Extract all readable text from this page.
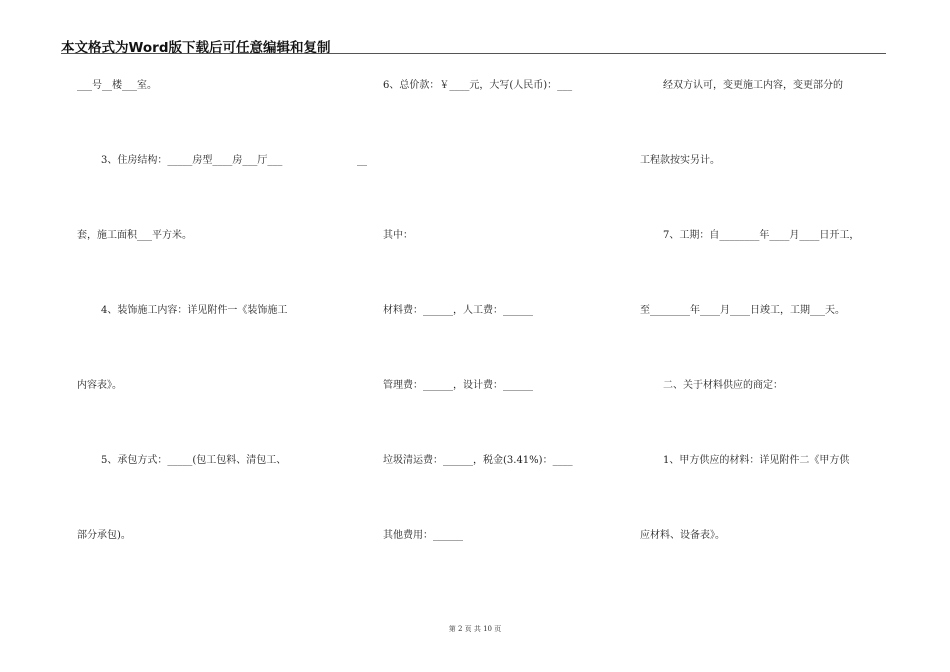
本文格式为Word版下载后可任意编辑和复制
___号__楼___室。
3、住房结构：_____房型____房___厅___	__
套，施工面积___平方米。
4、装饰施工内容：详见附件一《装饰施工
内容表》。
5、承包方式：_____(包工包料、清包工、
部分承包)。
6、总价款：￥____元，大写(人民币)：___
其中：
材料费：______，人工费：______
管理费：______，设计费：______
垃圾清运费：______，税金(3.41%)：____
其他费用：______
经双方认可，变更施工内容，变更部分的
工程款按实另计。
7、工期：自________年____月____日开工，
至________年____月____日竣工，工期___天。
二、关于材料供应的商定：
1、甲方供应的材料：详见附件二《甲方供
应材料、设备表》。
第 2 页 共 10 页
